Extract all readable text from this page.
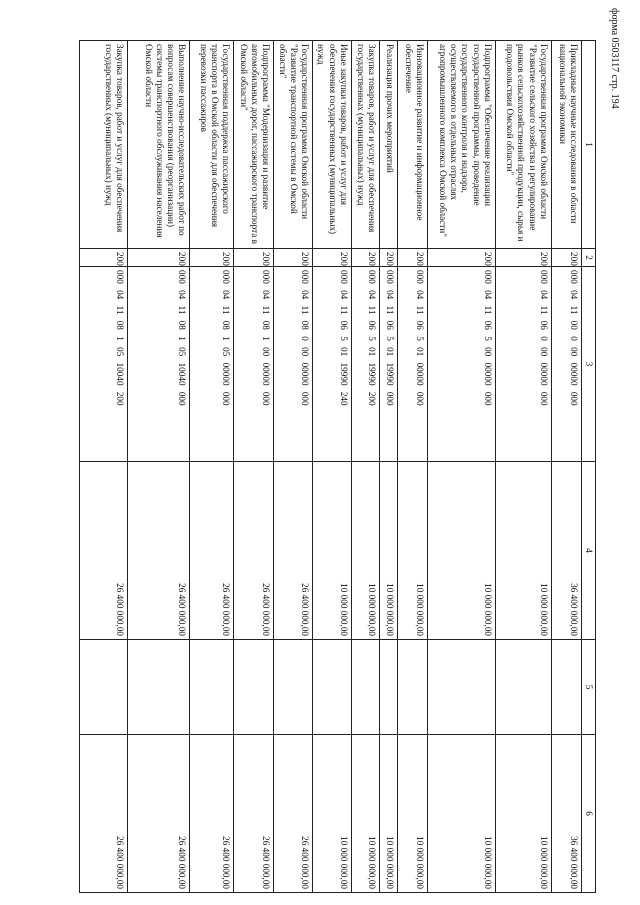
форма 0503117 стр. 194
1	2	3	4	5	6
Прикладные научные исследования в области национальной экономики	200	000 04 11 00 0 00 00000 000	36 400 000,00		36 400 000,00
Государственная программа Омской области "Развитие сельского хозяйства и регулирование рынков сельскохозяйственной продукции, сырья и продовольствия Омской области"	200	000 04 11 06 0 00 00000 000	10 000 000,00		10 000 000,00
Подпрограмма "Обеспечение реализации государственной программы, проведение государственного контроля и надзора, осуществляемого в отдельных отраслях агропромышленного комплекса Омской области"	200	000 04 11 06 5 00 00000 000	10 000 000,00		10 000 000,00
Инновационное развитие и информационное обеспечение	200	000 04 11 06 5 01 00000 000	10 000 000,00		10 000 000,00
Реализация прочих мероприятий	200	000 04 11 06 5 01 19990 000	10 000 000,00		10 000 000,00
Закупка товаров, работ и услуг для обеспечения государственных (муниципальных) нужд	200	000 04 11 06 5 01 19990 200	10 000 000,00		10 000 000,00
Иные закупки товаров, работ и услуг для обеспечения государственных (муниципальных) нужд	200	000 04 11 06 5 01 19990 240	10 000 000,00		10 000 000,00
Государственная программа Омской области "Развитие транспортной системы в Омской области"	200	000 04 11 08 0 00 00000 000	26 400 000,00		26 400 000,00
Подпрограмма "Модернизация и развитие автомобильных дорог, пассажирского транспорта в Омской области"	200	000 04 11 08 1 00 00000 000	26 400 000,00		26 400 000,00
Государственная поддержка пассажирского транспорта в Омской области для обеспечения перевозки пассажиров	200	000 04 11 08 1 05 00000 000	26 400 000,00		26 400 000,00
Выполнение научно-исследовательских работ по вопросам совершенствования (реорганизации) системы транспортного обслуживания населения Омской области	200	000 04 11 08 1 05 10040 000	26 400 000,00		26 400 000,00
Закупка товаров, работ и услуг для обеспечения государственных (муниципальных) нужд	200	000 04 11 08 1 05 10040 200	26 400 000,00		26 400 000,00
